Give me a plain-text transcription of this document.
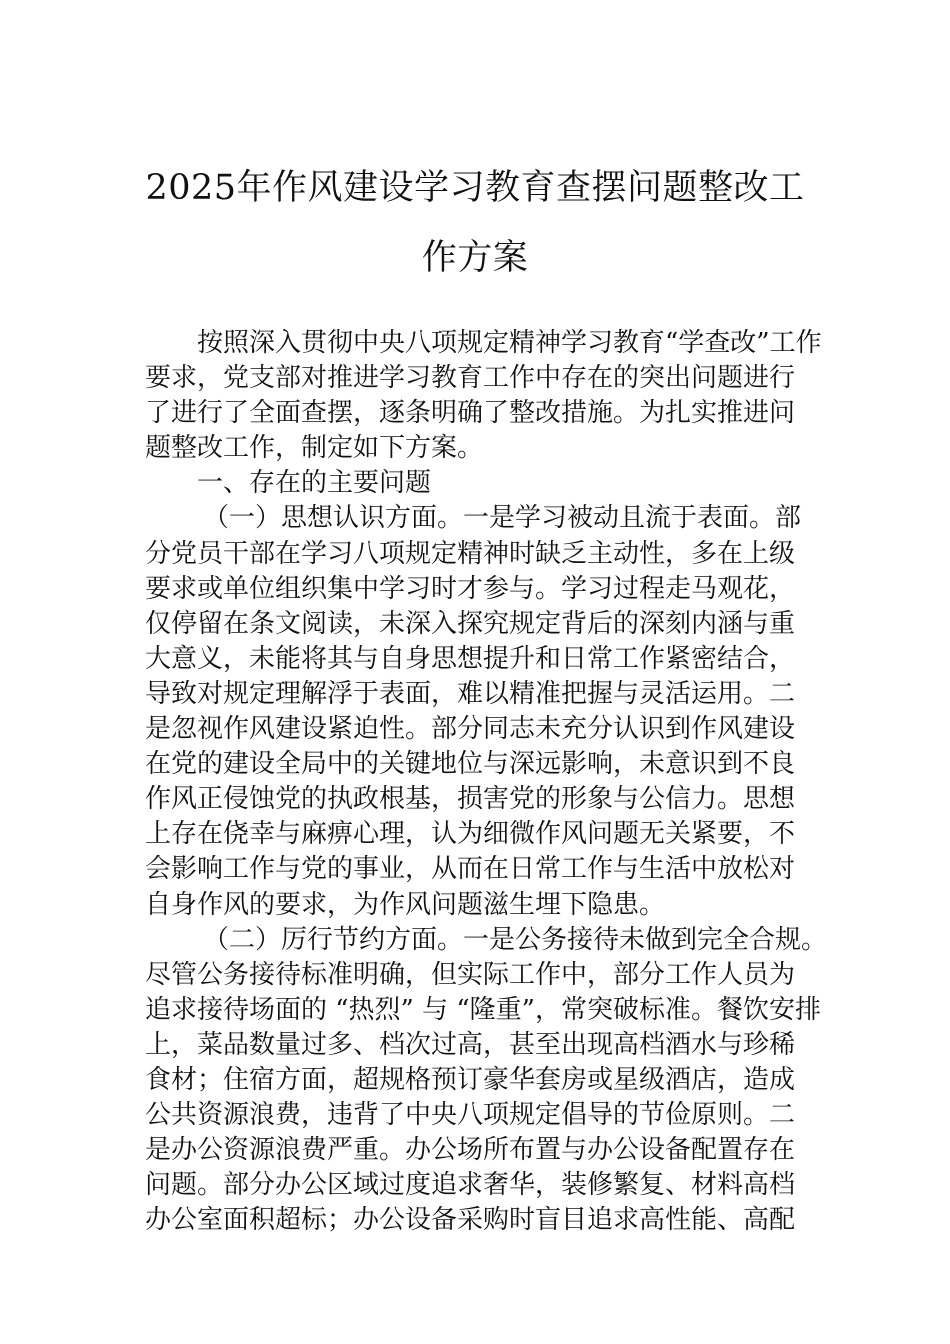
2025年作风建设学习教育查摆问题整改工
作方案
按照深入贯彻中央八项规定精神学习教育“学查改”工作
要求，党支部对推进学习教育工作中存在的突出问题进行
了进行了全面查摆，逐条明确了整改措施。为扎实推进问
题整改工作，制定如下方案。
一、存在的主要问题
（一）思想认识方面。一是学习被动且流于表面。部
分党员干部在学习八项规定精神时缺乏主动性，多在上级
要求或单位组织集中学习时才参与。学习过程走马观花，
仅停留在条文阅读，未深入探究规定背后的深刻内涵与重
大意义，未能将其与自身思想提升和日常工作紧密结合，
导致对规定理解浮于表面，难以精准把握与灵活运用。二
是忽视作风建设紧迫性。部分同志未充分认识到作风建设
在党的建设全局中的关键地位与深远影响，未意识到不良
作风正侵蚀党的执政根基，损害党的形象与公信力。思想
上存在侥幸与麻痹心理，认为细微作风问题无关紧要，不
会影响工作与党的事业，从而在日常工作与生活中放松对
自身作风的要求，为作风问题滋生埋下隐患。
（二）厉行节约方面。一是公务接待未做到完全合规。
尽管公务接待标准明确，但实际工作中，部分工作人员为
追求接待场面的 “热烈” 与 “隆重”，常突破标准。餐饮安排
上，菜品数量过多、档次过高，甚至出现高档酒水与珍稀
食材；住宿方面，超规格预订豪华套房或星级酒店，造成
公共资源浪费，违背了中央八项规定倡导的节俭原则。二
是办公资源浪费严重。办公场所布置与办公设备配置存在
问题。部分办公区域过度追求奢华，装修繁复、材料高档
办公室面积超标；办公设备采购时盲目追求高性能、高配
